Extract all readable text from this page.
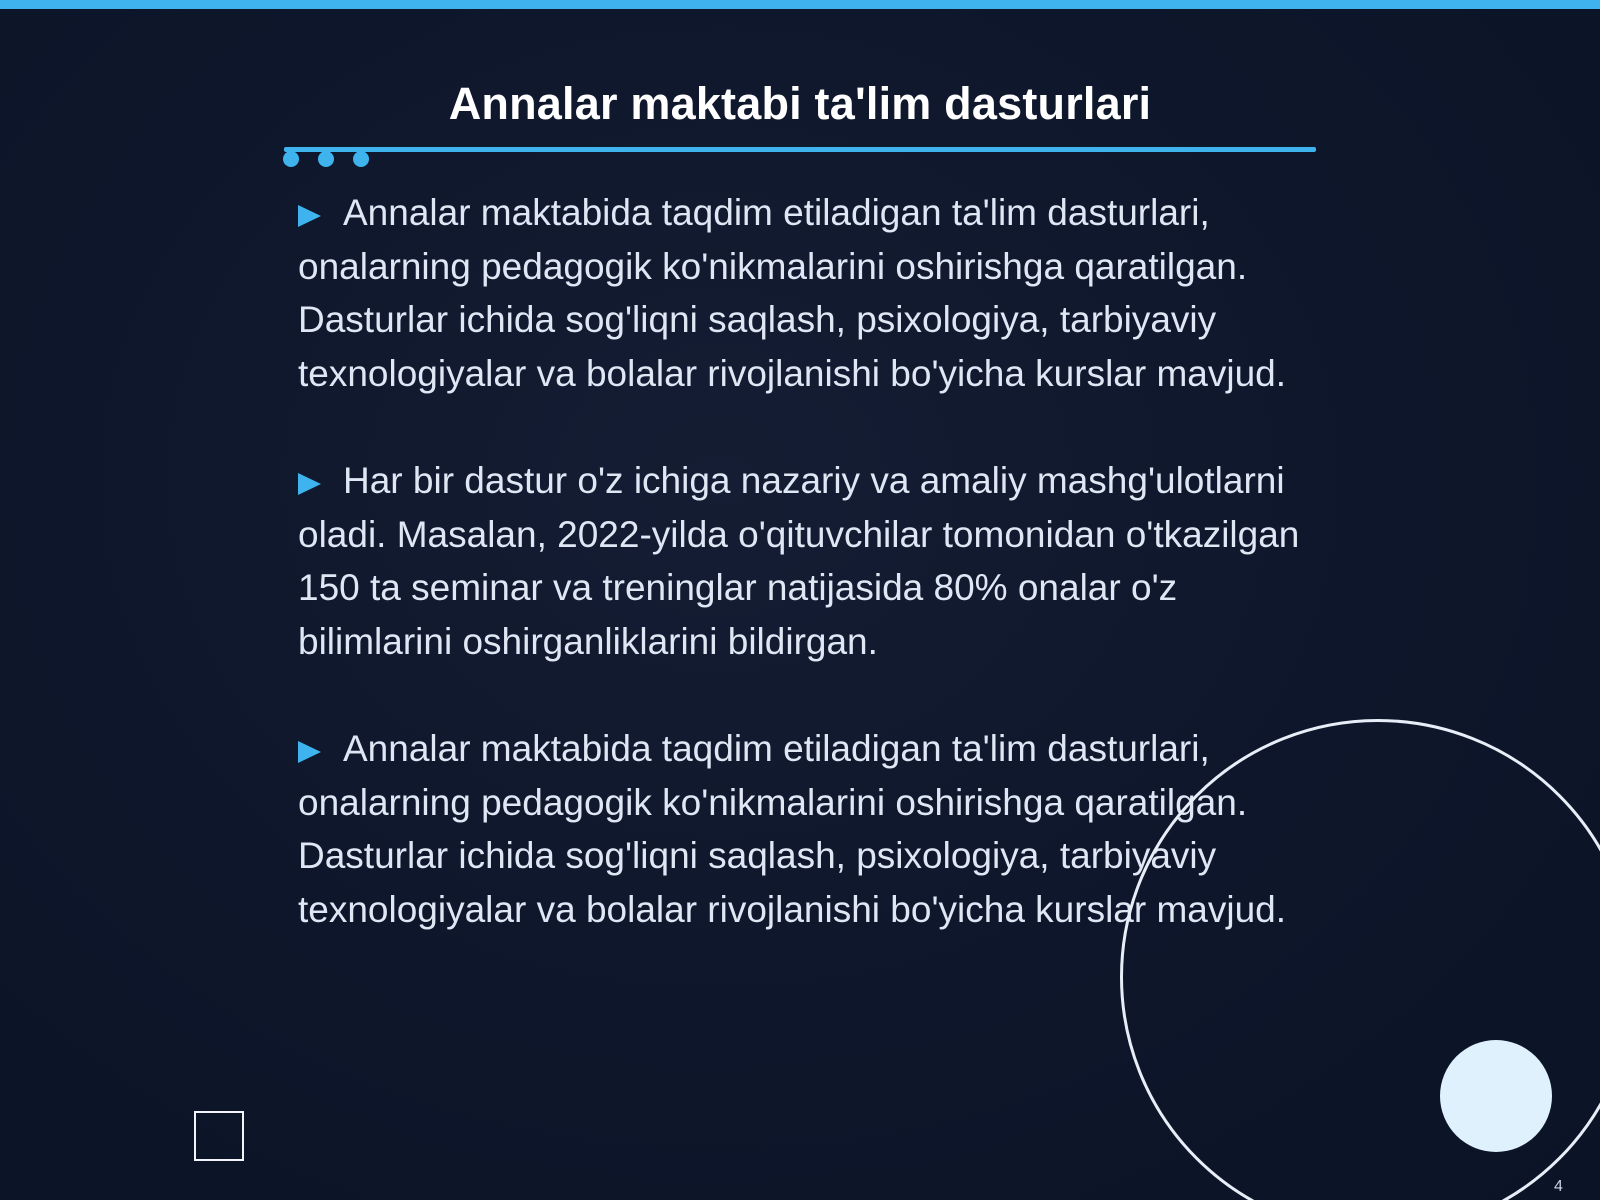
Annalar maktabi ta'lim dasturlari

Annalar maktabida taqdim etiladigan ta'lim dasturlari, onalarning pedagogik ko'nikmalarini oshirishga qaratilgan. Dasturlar ichida sog'liqni saqlash, psixologiya, tarbiyaviy texnologiyalar va bolalar rivojlanishi bo'yicha kurslar mavjud.

Har bir dastur o'z ichiga nazariy va amaliy mashg'ulotlarni oladi. Masalan, 2022-yilda o'qituvchilar tomonidan o'tkazilgan 150 ta seminar va treninglar natijasida 80% onalar o'z bilimlarini oshirganliklarini bildirgan.

Annalar maktabida taqdim etiladigan ta'lim dasturlari, onalarning pedagogik ko'nikmalarini oshirishga qaratilgan. Dasturlar ichida sog'liqni saqlash, psixologiya, tarbiyaviy texnologiyalar va bolalar rivojlanishi bo'yicha kurslar mavjud.

4
